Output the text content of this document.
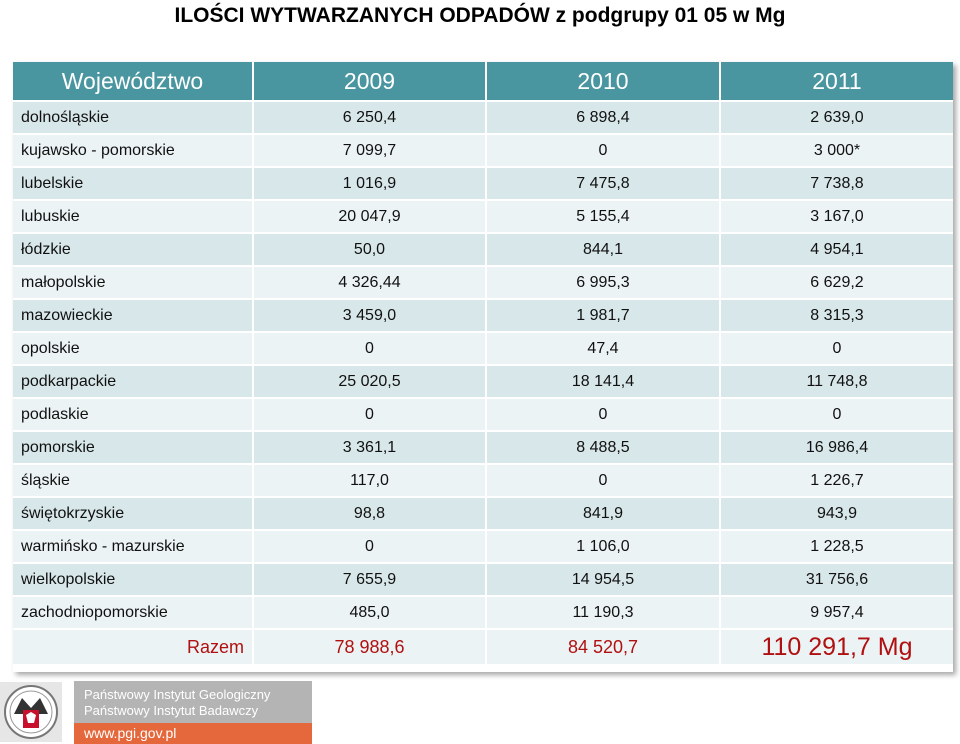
ILOŚCI WYTWARZANYCH ODPADÓW z podgrupy 01 05 w Mg
Województwo	2009	2010	2011
dolnośląskie	6 250,4	6 898,4	2 639,0
kujawsko - pomorskie	7 099,7	0	3 000*
lubelskie	1 016,9	7 475,8	7 738,8
lubuskie	20 047,9	5 155,4	3 167,0
łódzkie	50,0	844,1	4 954,1
małopolskie	4 326,44	6 995,3	6 629,2
mazowieckie	3 459,0	1 981,7	8 315,3
opolskie	0	47,4	0
podkarpackie	25 020,5	18 141,4	11 748,8
podlaskie	0	0	0
pomorskie	3 361,1	8 488,5	16 986,4
śląskie	117,0	0	1 226,7
świętokrzyskie	98,8	841,9	943,9
warmińsko - mazurskie	0	1 106,0	1 228,5
wielkopolskie	7 655,9	14 954,5	31 756,6
zachodniopomorskie	485,0	11 190,3	9 957,4
Razem	78 988,6	84 520,7	110 291,7 Mg
Państwowy Instytut Geologiczny
Państwowy Instytut Badawczy
www.pgi.gov.pl
